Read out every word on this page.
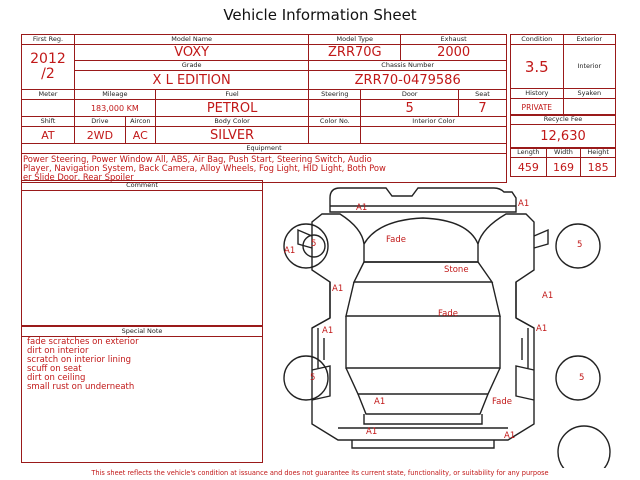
Vehicle Information Sheet
First Reg.	Model Name			Model Type		Exhaust	

2012
/2	VOXY			ZRR70G		2000	
	Grade			Chassis Number			
	X L EDITION			ZRR70-0479586			
Meter	Mileage		Fuel	Steering	Door		Seat
	183,000 KM		PETROL		5		7
Shift	Drive	Aircon	Body Color	Color No.	Interior Color		
AT	2WD	AC	SILVER				
Equipment							

Power Steering, Power Window All, ABS, Air Bag, Push Start, Steering Switch, Audio
Player, Navigation System, Back Camera, Alloy Wheels, Fog Light, HID Light, Both Pow
er Slide Door, Rear Spoiler							
Condition	Exterior
3.5	Interior
History	Syaken
PRIVATE	
Recycle Fee
12,630
Length	Width	Height
459	169	185
Comment
Special Note
fade scratches on exterior
dirt on interior
scratch on interior lining
scuff on seat
dirt on ceiling
small rust on underneath
A1	A1
Fade
A1
5	5
Stone
A1
A1
Fade
A1	A1
5	5
A1	Fade
A1	A1
This sheet reflects the vehicle's condition at issuance and does not guarantee its current state, functionality, or suitability for any purpose
